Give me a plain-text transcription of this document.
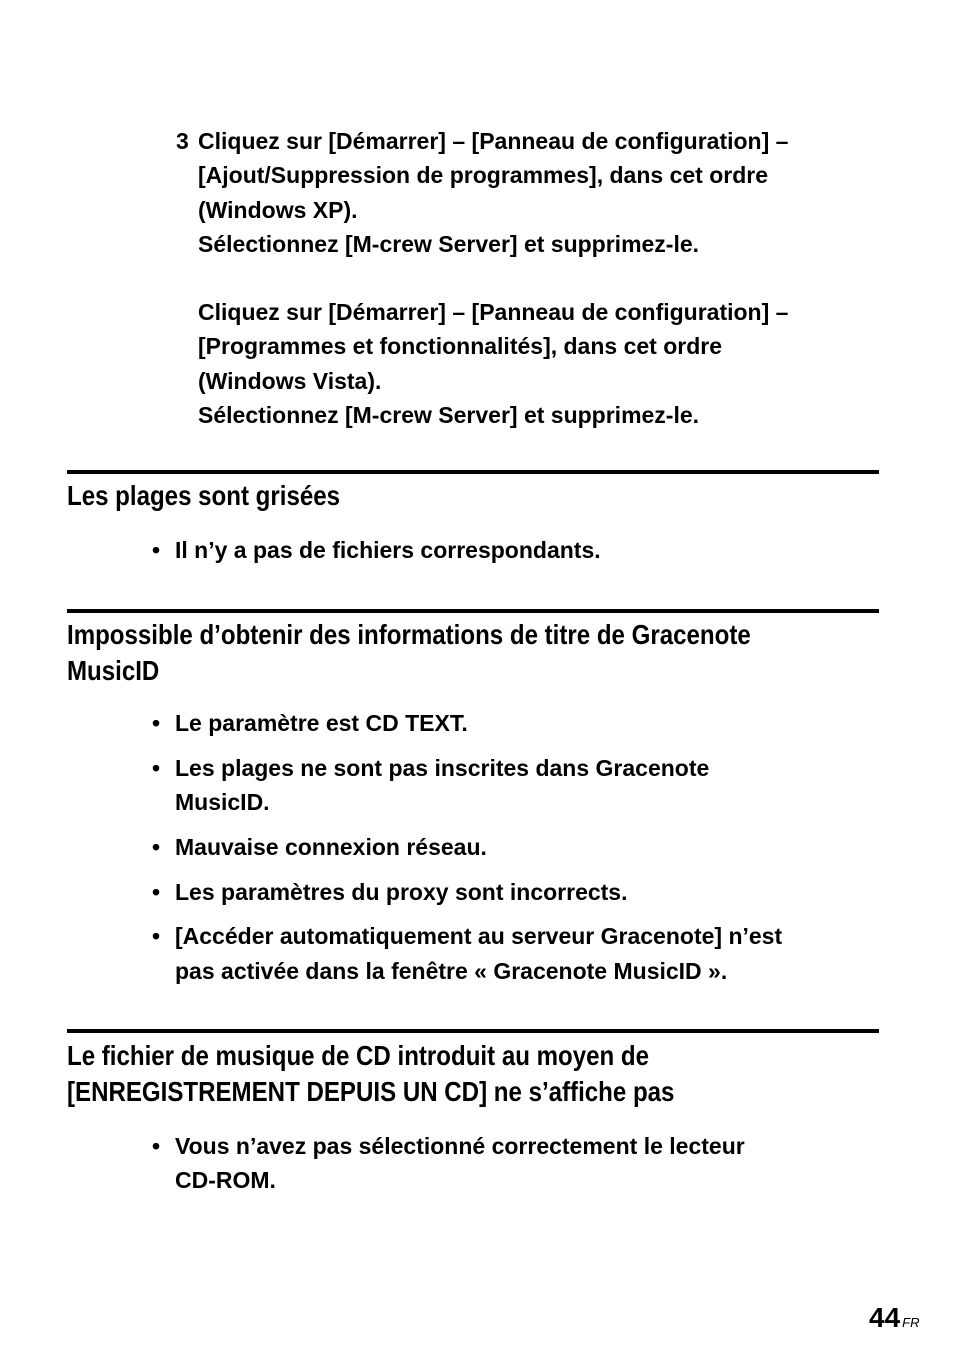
3 Cliquez sur [Démarrer] – [Panneau de configuration] –

[Ajout/Suppression de programmes], dans cet ordre

(Windows XP).

Sélectionnez [M-crew Server] et supprimez-le.

Cliquez sur [Démarrer] – [Panneau de configuration] –

[Programmes et fonctionnalités], dans cet ordre

(Windows Vista).

Sélectionnez [M-crew Server] et supprimez-le.

Les plages sont grisées
• Il n’y a pas de fichiers correspondants.
Impossible d’obtenir des informations de titre de Gracenote
MusicID
• Le paramètre est CD TEXT.
• Les plages ne sont pas inscrites dans Gracenote
MusicID.
• Mauvaise connexion réseau.
• Les paramètres du proxy sont incorrects.
• [Accéder automatiquement au serveur Gracenote] n’est
pas activée dans la fenêtre « Gracenote MusicID ».
Le fichier de musique de CD introduit au moyen de
[ENREGISTREMENT DEPUIS UN CD] ne s’affiche pas
• Vous n’avez pas sélectionné correctement le lecteur
CD-ROM.
44 FR
